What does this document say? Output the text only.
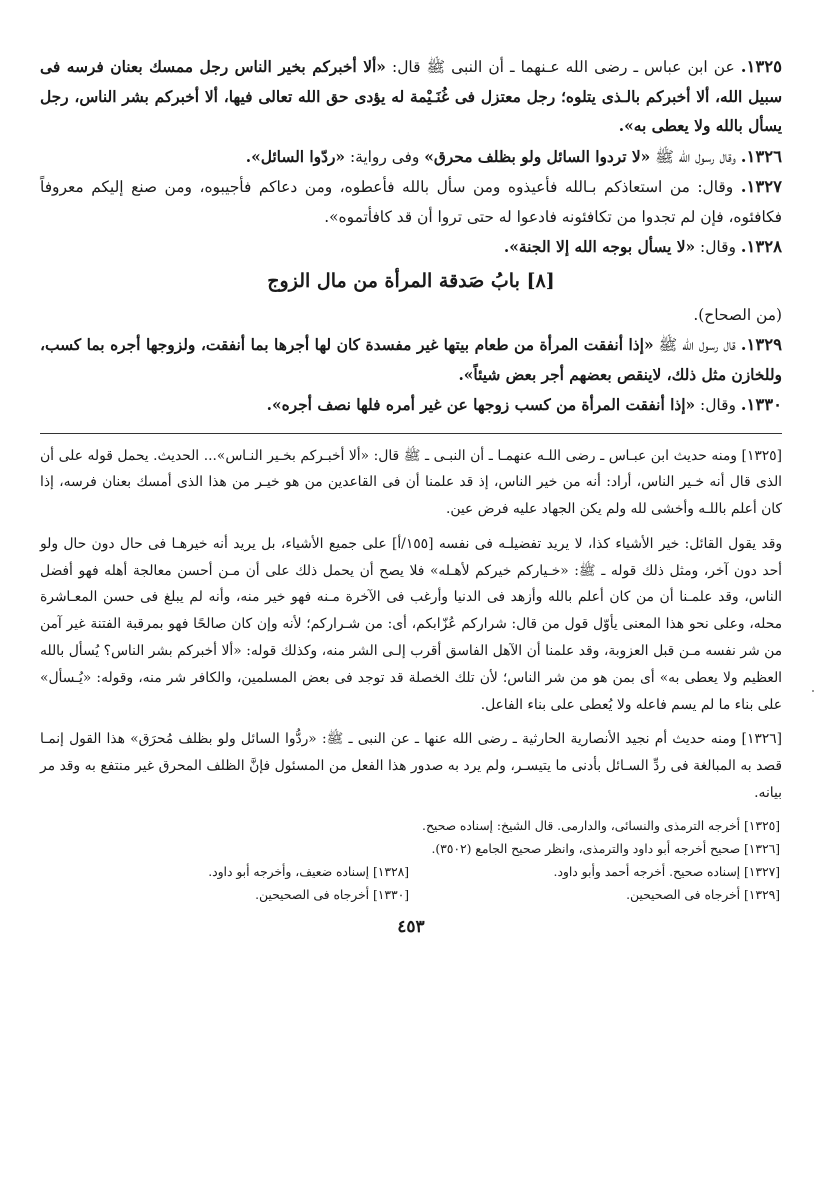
١٣٢٥. عن ابن عباس ـ رضى الله عـنهما ـ أن النبى ﷺ قال: «ألا أخبركم بخير الناس رجل ممسك بعنان فرسه فى سبيل الله، ألا أخبركم بالـذى يتلوه؛ رجل معتزل فى غُنَـيْمة له يؤدى حق الله تعالى فيها، ألا أخبركم بشر الناس، رجل يسأل بالله ولا يعطى به».

١٣٢٦. وقال رسول الله ﷺ «لا تردوا السائل ولو بظلف محرق» وفى رواية: «ردّوا السائل».

١٣٢٧. وقال: من استعاذكم بـالله فأعيذوه ومن سأل بالله فأعطوه، ومن دعاكم فأجيبوه، ومن صنع إليكم معروفاً فكافئوه، فإن لم تجدوا من تكافئونه فادعوا له حتى تروا أن قد كافأتموه».

١٣٢٨. وقال: «لا يسأل بوجه الله إلا الجنة».

[٨] بابُ صَدقة المرأة من مال الزوج

(من الصحاح).

١٣٢٩. قال رسول الله ﷺ «إذا أنفقت المرأة من طعام بيتها غير مفسدة كان لها أجرها بما أنفقت، ولزوجها أجره بما كسب، وللخازن مثل ذلك، لاينقص بعضهم أجر بعض شيئاً».

١٣٣٠. وقال: «إذا أنفقت المرأة من كسب زوجها عن غير أمره فلها نصف أجره».

[١٣٢٥] ومنه حديث ابن عبـاس ـ رضى اللـه عنهمـا ـ أن النبـى ـ ﷺ قال: «ألا أخبـركم بخـير النـاس»... الحديث. يحمل قوله على أن الذى قال أنه خـير الناس، أراد: أنه من خير الناس، إذ قد علمنا أن فى القاعدين من هو خيـر من هذا الذى أمسك بعنان فرسه، إذا كان أعلم باللـه وأخشى لله ولم يكن الجهاد عليه فرض عين.

وقد يقول القائل: خير الأشياء كذا، لا يريد تفضيلـه فى نفسه [١٥٥/أ] على جميع الأشياء، بل يريد أنه خيرهـا فى حال دون حال ولو أحد دون آخر، ومثل ذلك قوله ـ ﷺ: «خـياركم خيركم لأهـله» فلا يصح أن يحمل ذلك على أن مـن أحسن معالجة أهله فهو أفضل الناس، وقد علمـنا أن من كان أعلم بالله وأزهد فى الدنيا وأرغب فى الآخرة مـنه فهو خير منه، وأنه لم يبلغ فى حسن المعـاشرة محله، وعلى نحو هذا المعنى يأوّل قول من قال: شراركم عُزّابكم، أى: من شـراركم؛ لأنه وإن كان صالحًا فهو بمرقبة الفتنة غير آمن من شر نفسه مـن قبل العزوبة، وقد علمنا أن الآهل الفاسق أقرب إلـى الشر منه، وكذلك قوله: «ألا أخبركم بشر الناس؟ يُسأل بالله العظيم ولا يعطى به» أى بمن هو من شر الناس؛ لأن تلك الخصلة قد توجد فى بعض المسلمين، والكافر شر منه، وقوله: «يُـسأل» على بناء ما لم يسم فاعله ولا يُعطى على بناء الفاعل.

[١٣٢٦] ومنه حديث أم نجيد الأنصارية الحارثية ـ رضى الله عنها ـ عن النبى ـ ﷺ: «ردُّوا السائل ولو بظلف مُحرَق» هذا القول إنمـا قصد به المبالغة فى ردِّ السـائل بأدنى ما يتيسـر، ولم يرد به صدور هذا الفعل من المسئول فإنَّ الظلف المحرق غير منتفع به وقد مر بيانه.

[١٣٢٥] أخرجه الترمذى والنسائى، والدارمى. قال الشيخ: إسناده صحيح.

[١٣٢٦] صحيح أخرجه أبو داود والترمذى، وانظر صحيح الجامع (٣٥٠٢).

[١٣٢٧] إسناده صحيح. أخرجه أحمد وأبو داود.

[١٣٢٨] إسناده ضعيف، وأخرجه أبو داود.

[١٣٢٩] أخرجاه فى الصحيحين.

[١٣٣٠] أخرجاه فى الصحيحين.

٤٥٣
